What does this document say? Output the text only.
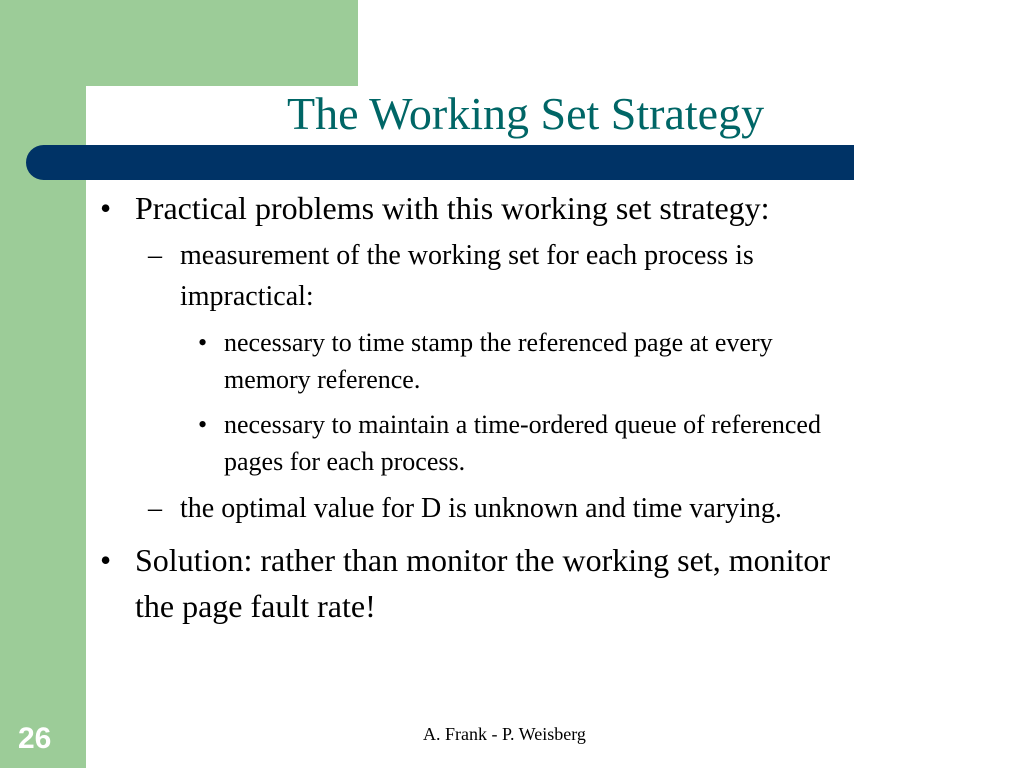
The Working Set Strategy
• Practical problems with this working set strategy:

– measurement of the working set for each process is

impractical:

• necessary to time stamp the referenced page at every

memory reference.

• necessary to maintain a time-ordered queue of referenced

pages for each process.

– the optimal value for D is unknown and time varying.

• Solution: rather than monitor the working set, monitor

the page fault rate!

A. Frank - P. Weisberg
26
